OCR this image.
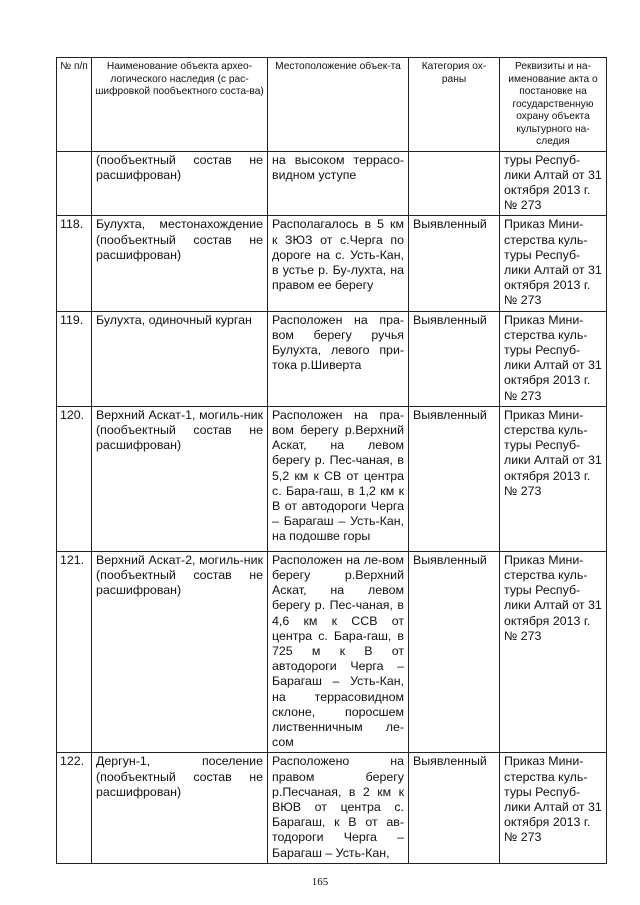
№ п/п	Наименование объекта архео-логического наследия (с рас-шифровкой пообъектного соста-ва)	Местоположение объек-та	Категория ох-раны	Реквизиты и на-именование акта о постановке на государственную охрану объекта культурного на-следия
	(пообъектный состав не расшифрован)	на высоком террасо-видном уступе		туры Респуб-лики Алтай от 31 октября 2013 г. № 273
118.	Булухта, местонахождение (пообъектный состав не расшифрован)	Располагалось в 5 км к ЗЮЗ от с.Черга по дороге на с. Усть-Кан, в устье р. Бу-лухта, на правом ее берегу	Выявленный	Приказ Мини-стерства куль-туры Респуб-лики Алтай от 31 октября 2013 г. № 273
119.	Булухта, одиночный курган	Расположен на пра-вом берегу ручья Булухта, левого при-тока р.Шиверта	Выявленный	Приказ Мини-стерства куль-туры Респуб-лики Алтай от 31 октября 2013 г. № 273
120.	Верхний Аскат-1, могиль-ник (пообъектный состав не расшифрован)	Расположен на пра-вом берегу р.Верхний Аскат, на левом берегу р. Пес-чаная, в 5,2 км к СВ от центра с. Бара-гаш, в 1,2 км к В от автодороги Черга – Барагаш – Усть-Кан, на подошве горы	Выявленный	Приказ Мини-стерства куль-туры Респуб-лики Алтай от 31 октября 2013 г. № 273
121.	Верхний Аскат-2, могиль-ник (пообъектный состав не расшифрован)	Расположен на ле-вом берегу р.Верхний Аскат, на левом берегу р. Пес-чаная, в 4,6 км к ССВ от центра с. Бара-гаш, в 725 м к В от автодороги Черга – Барагаш – Усть-Кан, на террасовидном склоне, поросшем лиственничным ле-сом	Выявленный	Приказ Мини-стерства куль-туры Респуб-лики Алтай от 31 октября 2013 г. № 273
122.	Дергун-1, поселение (пообъектный состав не расшифрован)	Расположено на правом берегу р.Песчаная, в 2 км к ВЮВ от центра с. Барагаш, к В от ав-тодороги Черга – Барагаш – Усть-Кан,	Выявленный	Приказ Мини-стерства куль-туры Респуб-лики Алтай от 31 октября 2013 г. № 273
165
